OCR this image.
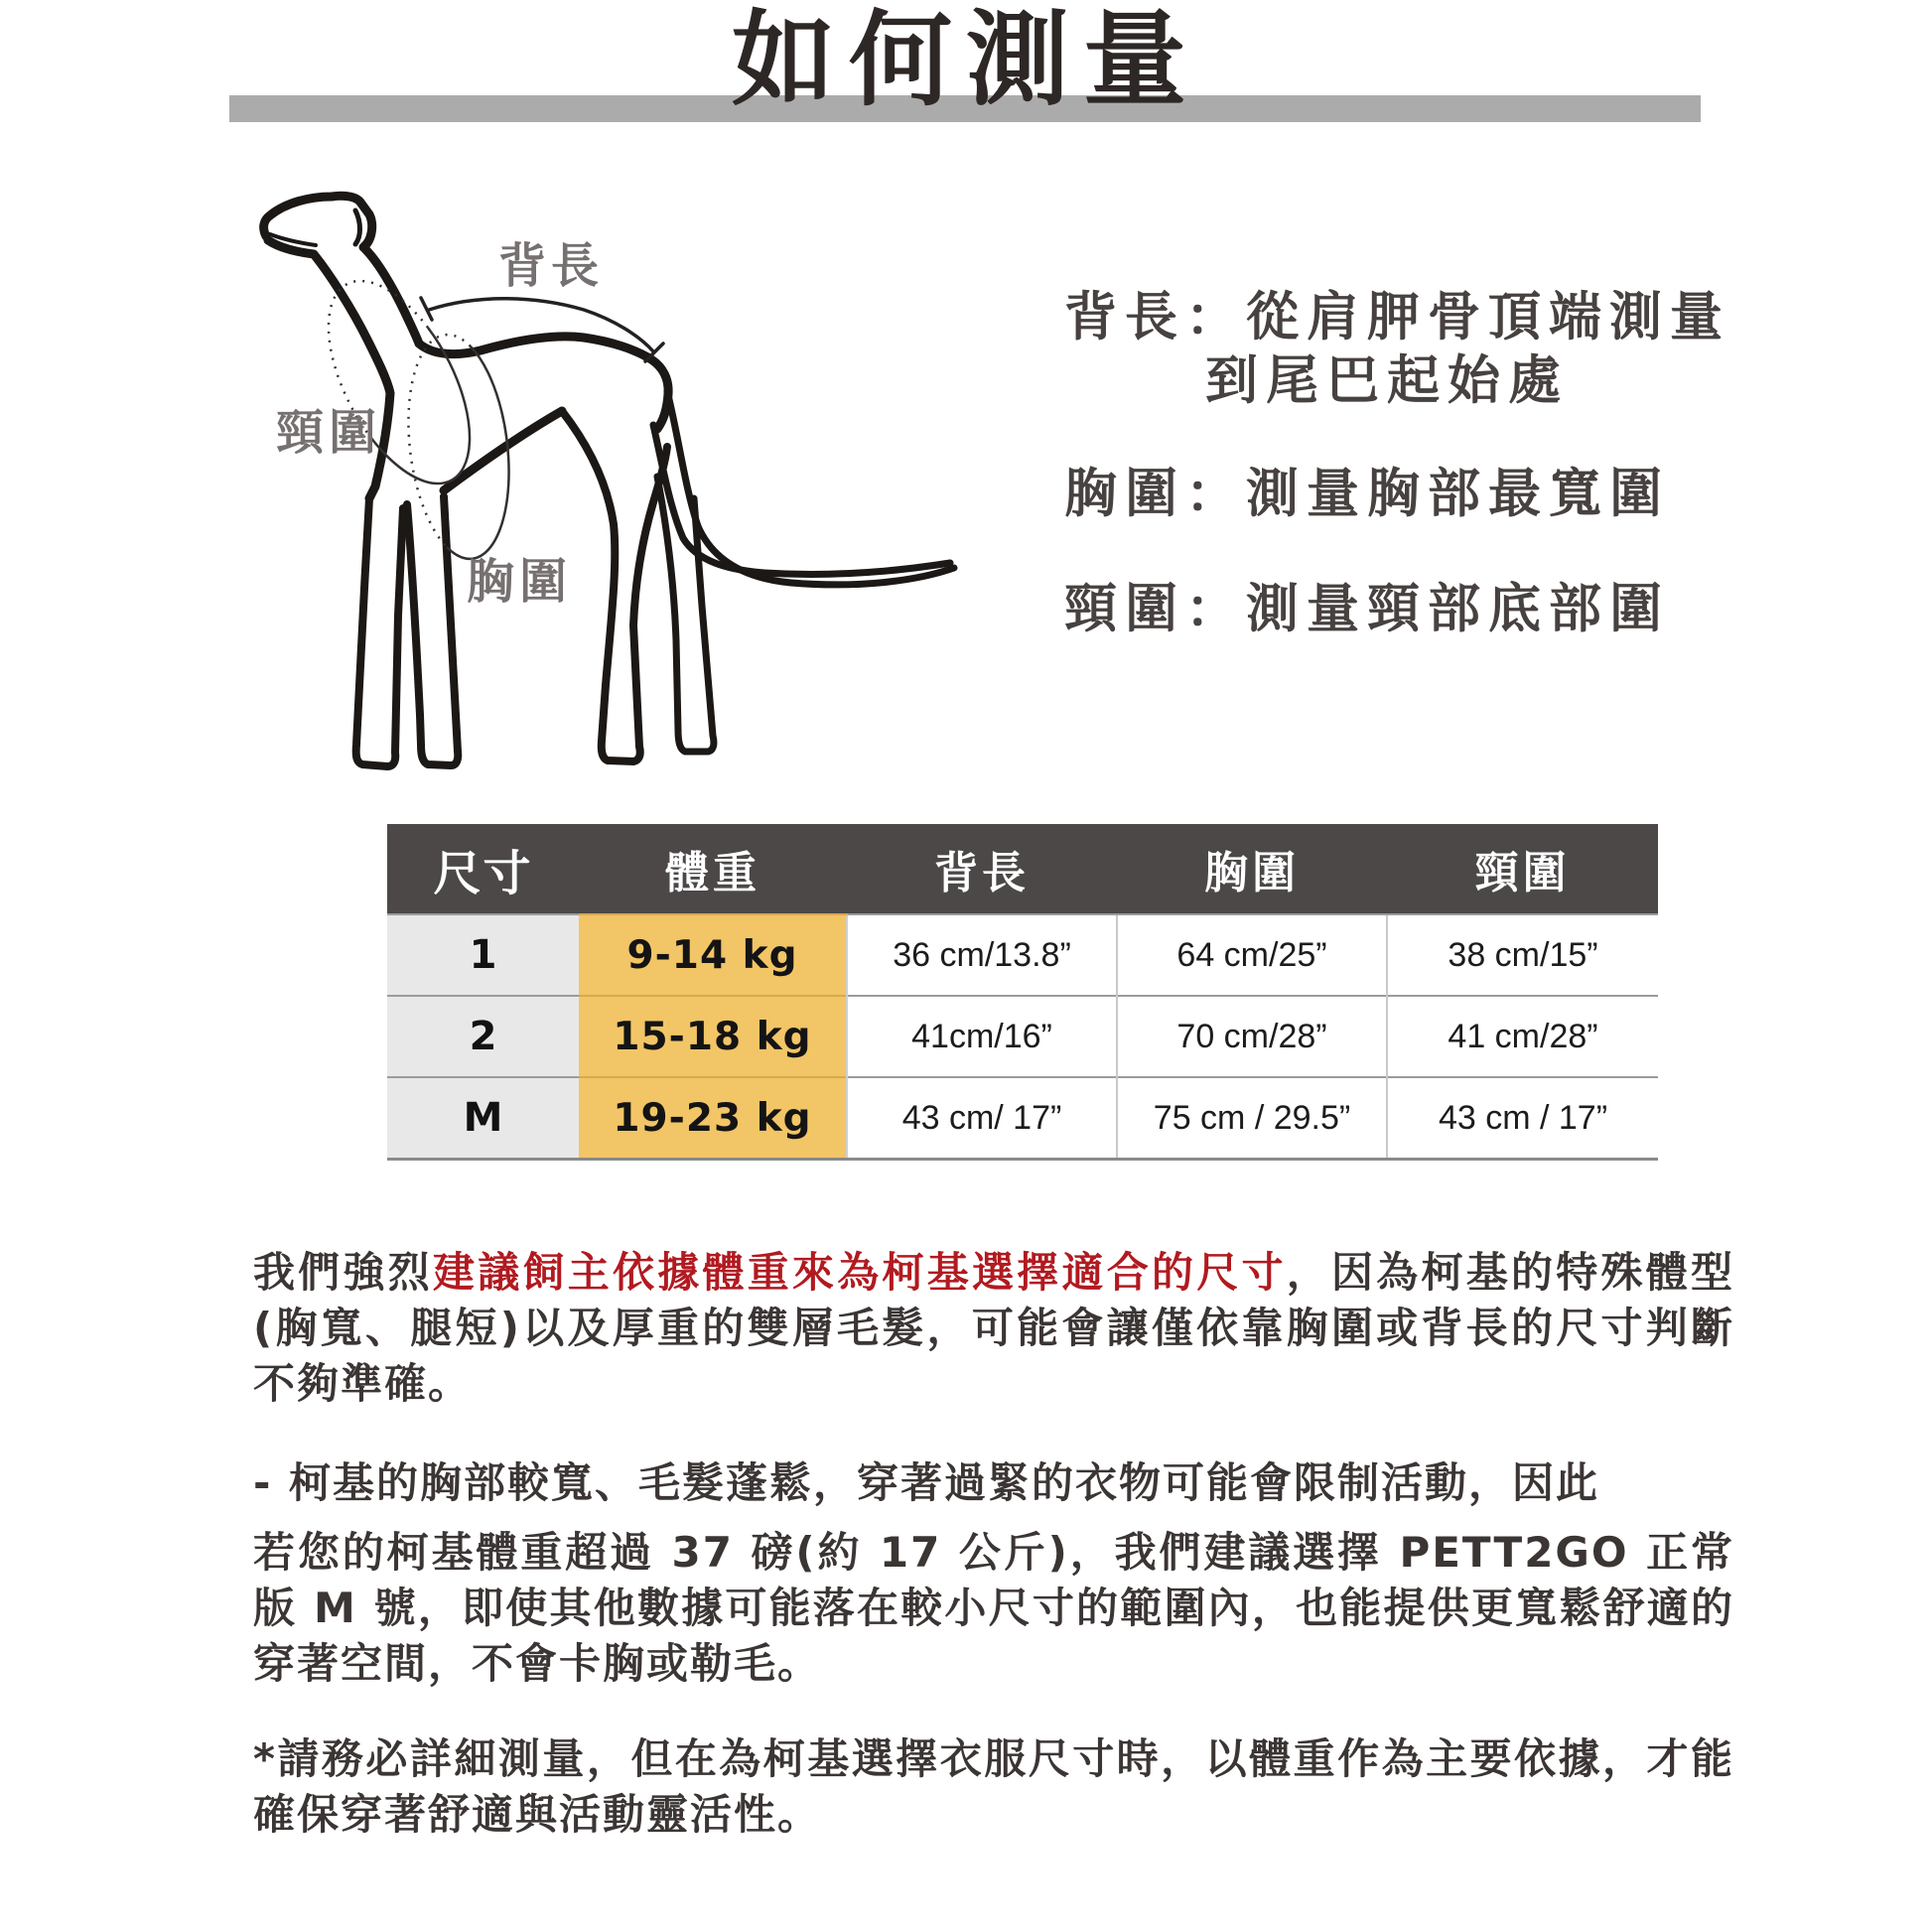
如何測量
背長
頸圍
胸圍
背長：從肩胛骨頂端測量
到尾巴起始處
胸圍：測量胸部最寬圍
頸圍：測量頸部底部圍
尺寸	體重	背長	胸圍	頸圍
1	9-14 kg	36 cm/13.8”	64 cm/25”	38 cm/15”
2	15-18 kg	41cm/16”	70 cm/28”	41 cm/28”
M	19-23 kg	43 cm/ 17”	75 cm / 29.5”	43 cm / 17”
我們強烈建議飼主依據體重來為柯基選擇適合的尺寸，因為柯基的特殊體型(胸寬、腿短)以及厚重的雙層毛髮，可能會讓僅依靠胸圍或背長的尺寸判斷不夠準確。
- 柯基的胸部較寬、毛髮蓬鬆，穿著過緊的衣物可能會限制活動，因此
若您的柯基體重超過 37 磅(約 17 公斤)，我們建議選擇 PETT2GO 正常版 M 號，即使其他數據可能落在較小尺寸的範圍內，也能提供更寬鬆舒適的穿著空間，不會卡胸或勒毛。
*請務必詳細測量，但在為柯基選擇衣服尺寸時，以體重作為主要依據，才能確保穿著舒適與活動靈活性。
